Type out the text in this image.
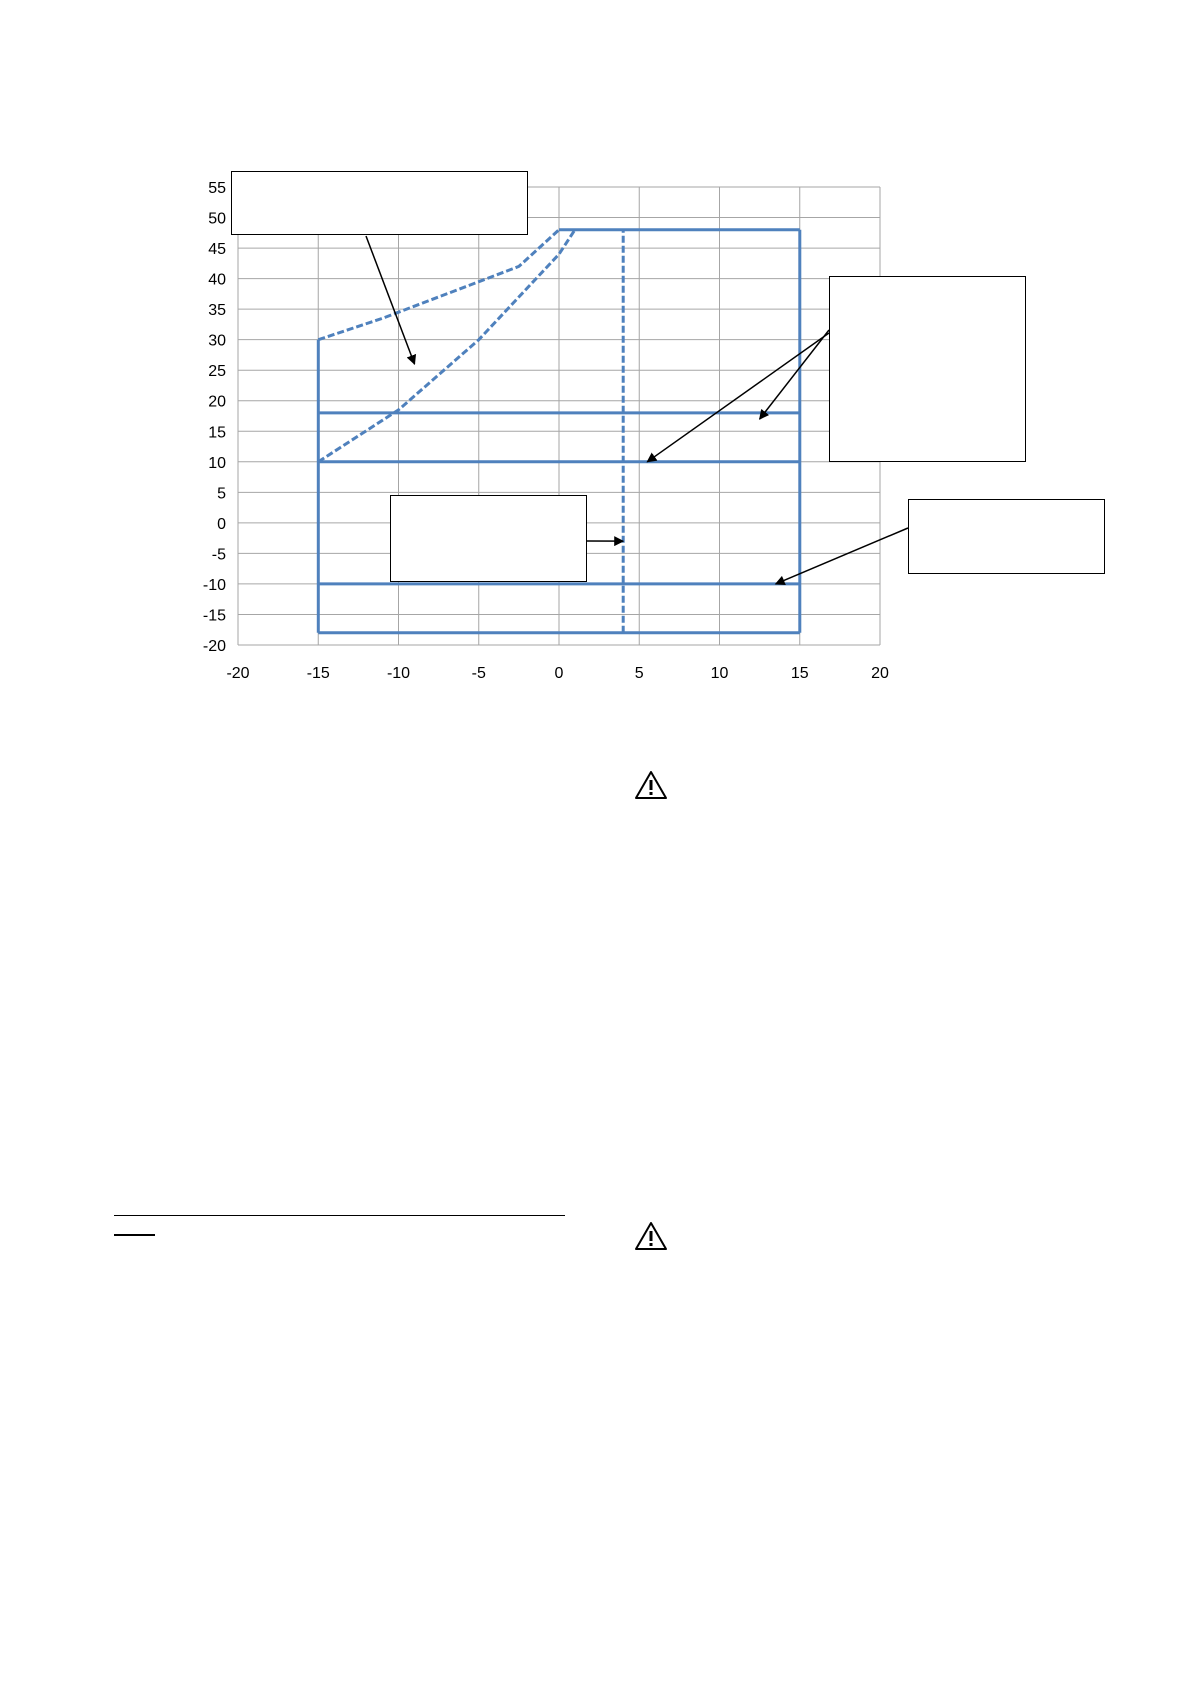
-20	-15	-10	-5	0	5	10	15	20
55
50
45
40
35
30
25
20
15
10
5
0
-5
-10
-15
-20
